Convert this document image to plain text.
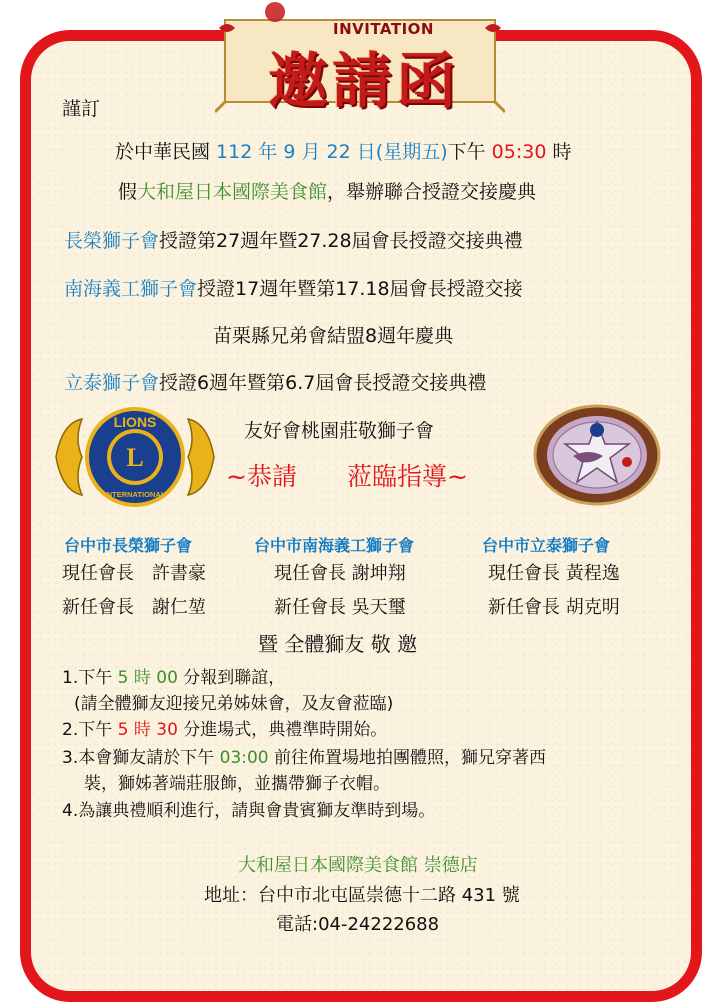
INVITATION
邀請函
謹訂
於中華民國 112 年 9 月 22 日(星期五)下午 05:30 時
假大和屋日本國際美食館，舉辦聯合授證交接慶典
長榮獅子會授證第27週年暨27.28屆會長授證交接典禮
南海義工獅子會授證17週年暨第17.18屆會長授證交接
苗栗縣兄弟會結盟8週年慶典
立泰獅子會授證6週年暨第6.7屆會長授證交接典禮
L
LIONS
INTERNATIONAL
友好會桃園莊敬獅子會
~恭請　　蒞臨指導~
台中市長榮獅子會	台中市南海義工獅子會	台中市立泰獅子會
現任會長　 許書豪	現任會長 謝坤翔	現任會長 黃程逸
新任會長　 謝仁堃	新任會長 吳天璽	新任會長 胡克明
暨 全體獅友 敬 邀
1.下午 5 時 00 分報到聯誼，
(請全體獅友迎接兄弟姊妹會，及友會蒞臨)
2.下午 5 時 30 分進場式，典禮準時開始。
3.本會獅友請於下午 03:00 前往佈置場地拍團體照，獅兄穿著西
裝，獅姊著端莊服飾，並攜帶獅子衣帽。
4.為讓典禮順利進行，請與會貴賓獅友準時到場。
大和屋日本國際美食館 崇德店
地址：台中市北屯區崇德十二路 431 號
電話:04-24222688
